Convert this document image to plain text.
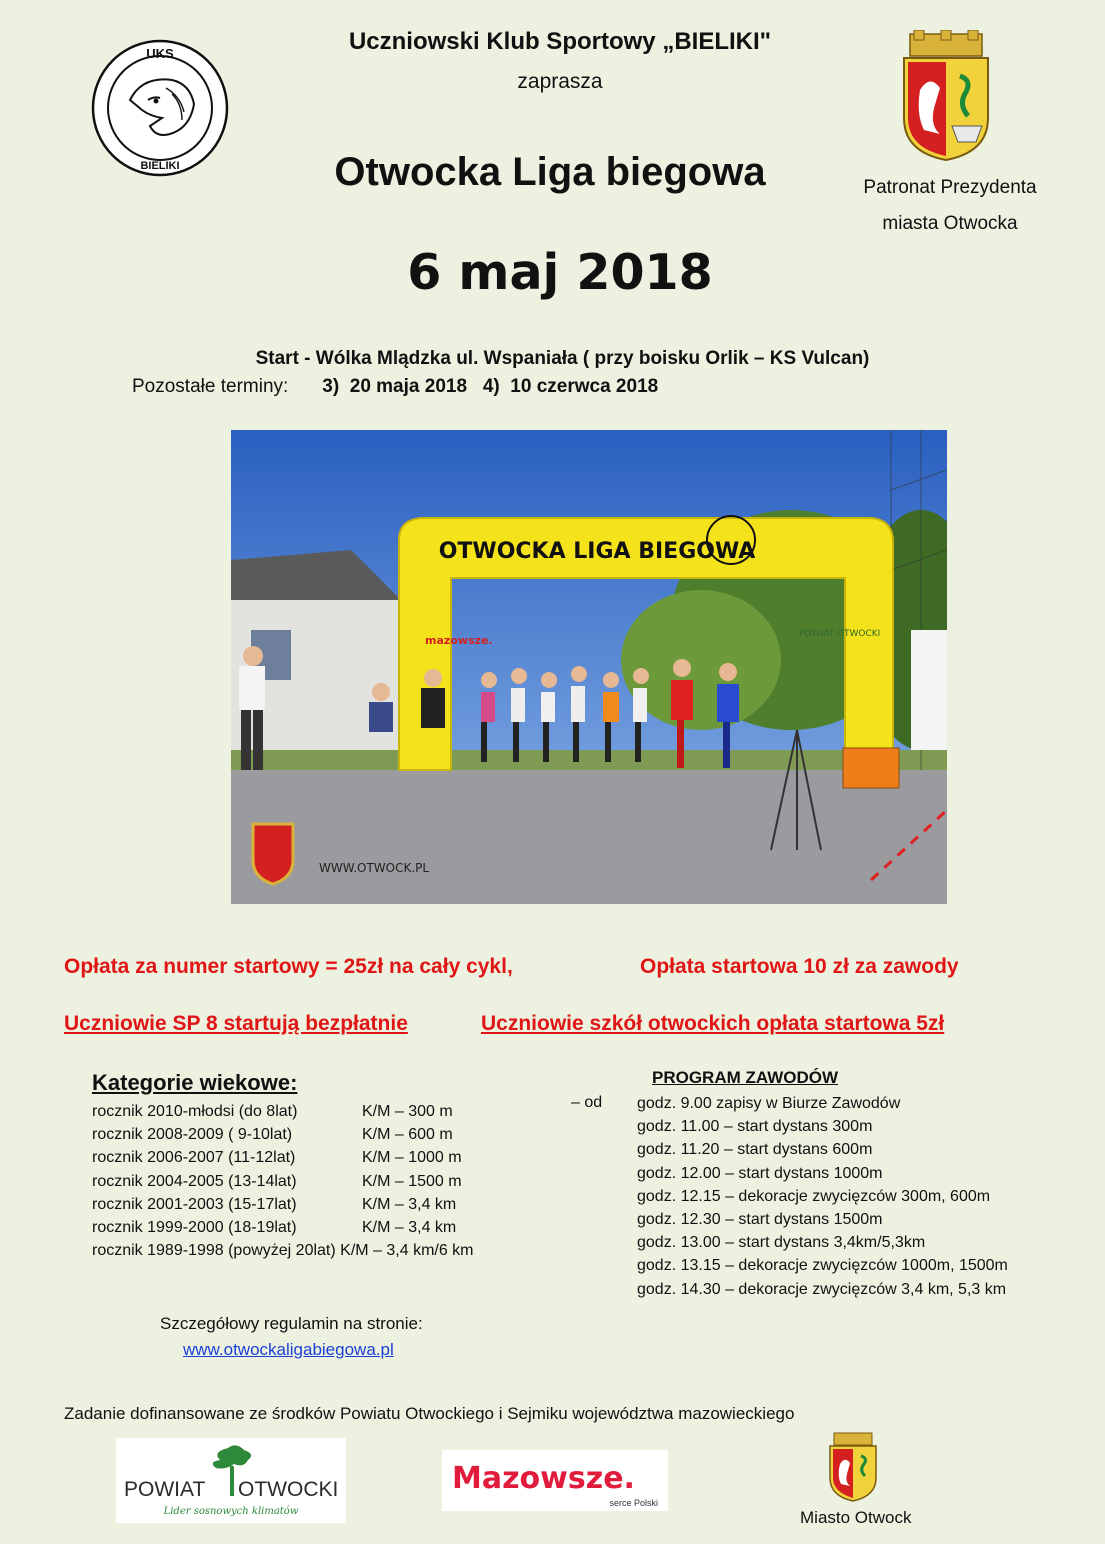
UKS
BIELIKI
Uczniowski Klub Sportowy „BIELIKI"
zaprasza
Otwocka Liga biegowa
6 maj 2018
Patronat Prezydenta
miasta Otwocka
Start - Wólka Mlądzka ul. Wspaniała ( przy boisku Orlik – KS Vulcan)
Pozostałe terminy: 3)  20 maja 2018   4)  10 czerwca 2018
OTWOCKA LIGA BIEGOWA
mazowsze.	POWIAT OTWOCKI
WWW.OTWOCK.PL
Opłata za numer startowy = 25zł na cały cykl,	Opłata startowa 10 zł za zawody
Uczniowie SP 8 startują bezpłatnie	Uczniowie szkół otwockich opłata startowa 5zł
Kategorie wiekowe:
rocznik 2010-młodsi (do 8lat)	K/M – 300 m
rocznik 2008-2009 ( 9-10lat)	K/M – 600 m
rocznik 2006-2007 (11-12lat)	K/M – 1000 m
rocznik 2004-2005 (13-14lat)	K/M – 1500 m
rocznik 2001-2003 (15-17lat)	K/M – 3,4 km
rocznik 1999-2000 (18-19lat)	K/M – 3,4 km
rocznik 1989-1998 (powyżej 20lat) K/M – 3,4 km/6 km
PROGRAM ZAWODÓW
– od godz. 9.00 zapisy w Biurze Zawodów
godz. 11.00 – start dystans 300m
godz. 11.20 – start dystans 600m
godz. 12.00 – start dystans 1000m
godz. 12.15 – dekoracje zwycięzców 300m, 600m
godz. 12.30 – start dystans 1500m
godz. 13.00 – start dystans 3,4km/5,3km
godz. 13.15 – dekoracje zwycięzców 1000m, 1500m
godz. 14.30 – dekoracje zwycięzców 3,4 km, 5,3 km
Szczegółowy regulamin na stronie:
www.otwockaligabiegowa.pl
Zadanie dofinansowane ze środków Powiatu Otwockiego i Sejmiku województwa mazowieckiego
POWIAT OTWOCKI
Lider sosnowych klimatów
Mazowsze.
serce Polski
Miasto Otwock
